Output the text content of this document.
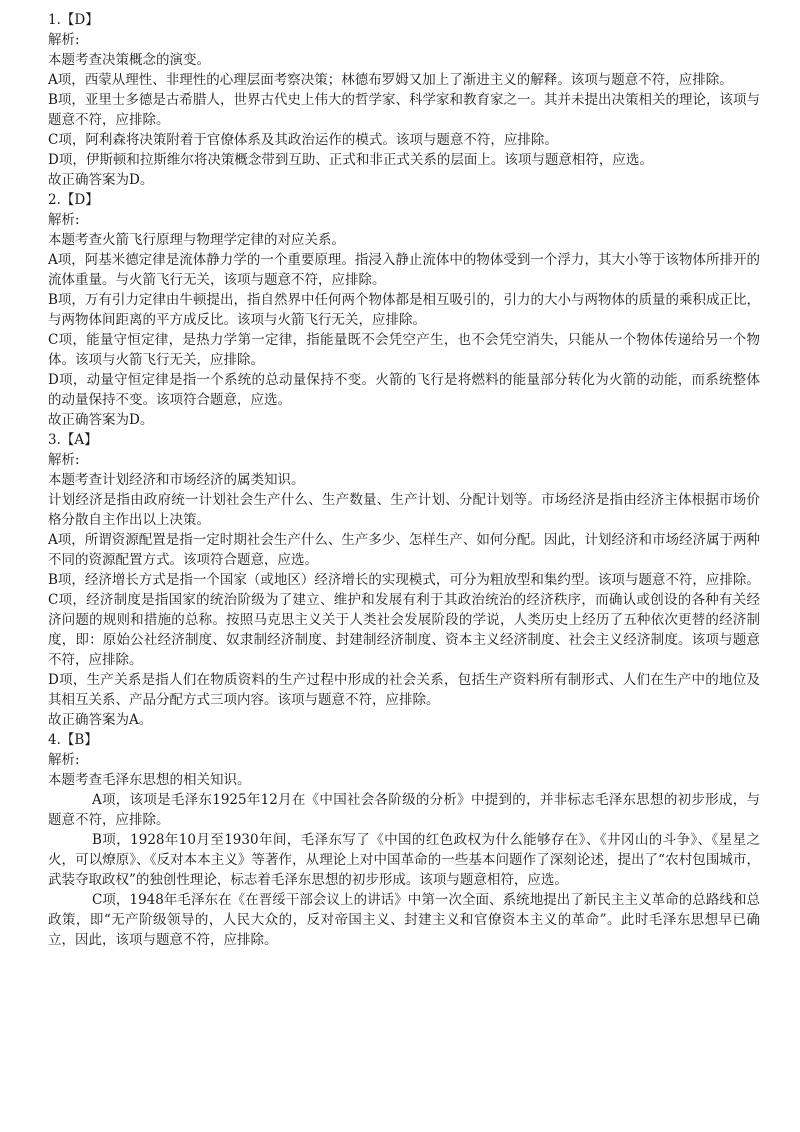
1.【D】

解析:

本题考查决策概念的演变。

A项，西蒙从理性、非理性的心理层面考察决策；林德布罗姆又加上了渐进主义的解释。该项与题意不符，应排除。

B项，亚里士多德是古希腊人，世界古代史上伟大的哲学家、科学家和教育家之一。其并未提出决策相关的理论，该项与题意不符，应排除。

C项，阿利森将决策附着于官僚体系及其政治运作的模式。该项与题意不符，应排除。

D项，伊斯顿和拉斯维尔将决策概念带到互助、正式和非正式关系的层面上。该项与题意相符，应选。

故正确答案为D。

2.【D】

解析:

本题考查火箭飞行原理与物理学定律的对应关系。

A项，阿基米德定律是流体静力学的一个重要原理。指浸入静止流体中的物体受到一个浮力，其大小等于该物体所排开的流体重量。与火箭飞行无关，该项与题意不符，应排除。

B项，万有引力定律由牛顿提出，指自然界中任何两个物体都是相互吸引的，引力的大小与两物体的质量的乘积成正比，与两物体间距离的平方成反比。该项与火箭飞行无关，应排除。

C项，能量守恒定律，是热力学第一定律，指能量既不会凭空产生，也不会凭空消失，只能从一个物体传递给另一个物体。该项与火箭飞行无关，应排除。

D项，动量守恒定律是指一个系统的总动量保持不变。火箭的飞行是将燃料的能量部分转化为火箭的动能，而系统整体的动量保持不变。该项符合题意，应选。

故正确答案为D。

3.【A】

解析:

本题考查计划经济和市场经济的属类知识。

计划经济是指由政府统一计划社会生产什么、生产数量、生产计划、分配计划等。市场经济是指由经济主体根据市场价格分散自主作出以上决策。

A项，所谓资源配置是指一定时期社会生产什么、生产多少、怎样生产、如何分配。因此，计划经济和市场经济属于两种不同的资源配置方式。该项符合题意，应选。

B项，经济增长方式是指一个国家（或地区）经济增长的实现模式，可分为粗放型和集约型。该项与题意不符，应排除。

C项，经济制度是指国家的统治阶级为了建立、维护和发展有利于其政治统治的经济秩序，而确认或创设的各种有关经济问题的规则和措施的总称。按照马克思主义关于人类社会发展阶段的学说，人类历史上经历了五种依次更替的经济制度，即：原始公社经济制度、奴隶制经济制度、封建制经济制度、资本主义经济制度、社会主义经济制度。该项与题意不符，应排除。

D项，生产关系是指人们在物质资料的生产过程中形成的社会关系，包括生产资料所有制形式、人们在生产中的地位及其相互关系、产品分配方式三项内容。该项与题意不符，应排除。

故正确答案为A。

4.【B】

解析:

本题考查毛泽东思想的相关知识。

A项，该项是毛泽东1925年12月在《中国社会各阶级的分析》中提到的，并非标志毛泽东思想的初步形成，与题意不符，应排除。

B项，1928年10月至1930年间，毛泽东写了《中国的红色政权为什么能够存在》、《井冈山的斗争》、《星星之火，可以燎原》、《反对本本主义》等著作，从理论上对中国革命的一些基本问题作了深刻论述，提出了“农村包围城市，武装夺取政权”的独创性理论，标志着毛泽东思想的初步形成。该项与题意相符，应选。

C项，1948年毛泽东在《在晋绥干部会议上的讲话》中第一次全面、系统地提出了新民主主义革命的总路线和总政策，即“无产阶级领导的，人民大众的，反对帝国主义、封建主义和官僚资本主义的革命”。此时毛泽东思想早已确立，因此，该项与题意不符，应排除。
